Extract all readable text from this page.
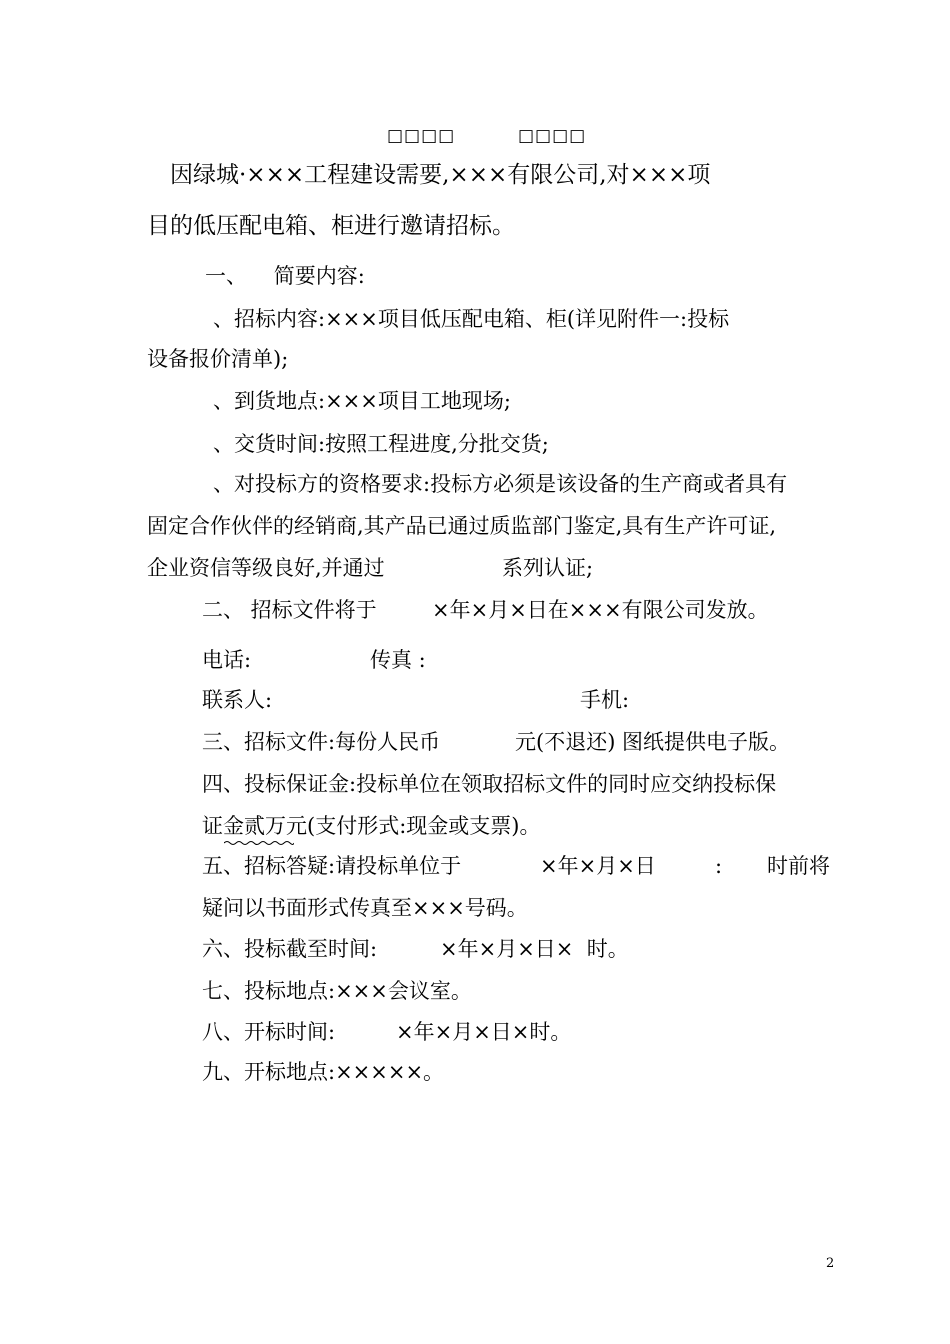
□□□□	□□□□
因绿城·×××工程建设需要,×××有限公司,对×××项
目的低压配电箱、柜进行邀请招标。
一、    简要内容:
、招标内容:×××项目低压配电箱、柜(详见附件一:投标
设备报价清单);
、到货地点:×××项目工地现场;
、交货时间:按照工程进度,分批交货;
、对投标方的资格要求:投标方必须是该设备的生产商或者具有
固定合作伙伴的经销商,其产品已通过质监部门鉴定,具有生产许可证,
企业资信等级良好,并通过	系列认证;
二、 招标文件将于	×年×月×日在×××有限公司发放。
电话:	传真 :
联系人:	手机:
三、招标文件:每份人民币	元(不退还) 图纸提供电子版。
四、投标保证金:投标单位在领取招标文件的同时应交纳投标保
证金贰万元(支付形式:现金或支票)。
五、招标答疑:请投标单位于	×年×月×日	: 时前将
疑问以书面形式传真至×××号码。
六、投标截至时间:	×年×月×日×  时。
七、投标地点:×××会议室。
八、开标时间:	×年×月×日×时。
九、开标地点:×××××。
2
